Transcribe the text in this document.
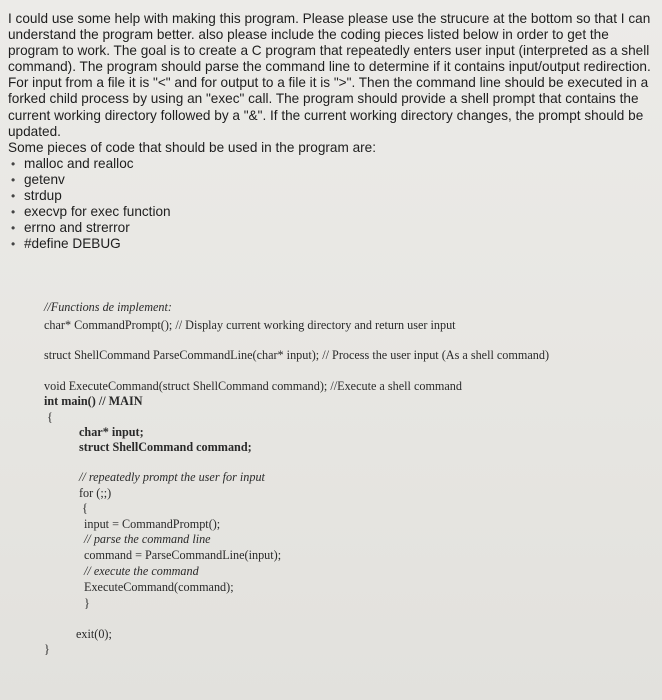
I could use some help with making this program. Please please use the strucure at the bottom so that I can understand the program better. also please include the coding pieces listed below in order to get the program to work. The goal is to create a C program that repeatedly enters user input (interpreted as a shell command). The program should parse the command line to determine if it contains input/output redirection. For input from a file it is "<" and for output to a file it is ">". Then the command line should be executed in a forked child process by using an "exec" call. The program should provide a shell prompt that contains the current working directory followed by a "&". If the current working directory changes, the prompt should be updated.

Some pieces of code that should be used in the program are:

• malloc and realloc
• getenv
• strdup
• execvp for exec function
• errno and strerror
• #define DEBUG
//Functions de implement:
char* CommandPrompt(); // Display current working directory and return user input
struct ShellCommand ParseCommandLine(char* input); // Process the user input (As a shell command)
void ExecuteCommand(struct ShellCommand command); //Execute a shell command
int main() // MAIN
{
char* input;
struct ShellCommand command;
// repeatedly prompt the user for input
for (;;)
{
input = CommandPrompt();
// parse the command line
command = ParseCommandLine(input);
// execute the command
ExecuteCommand(command);
}
exit(0);
}
